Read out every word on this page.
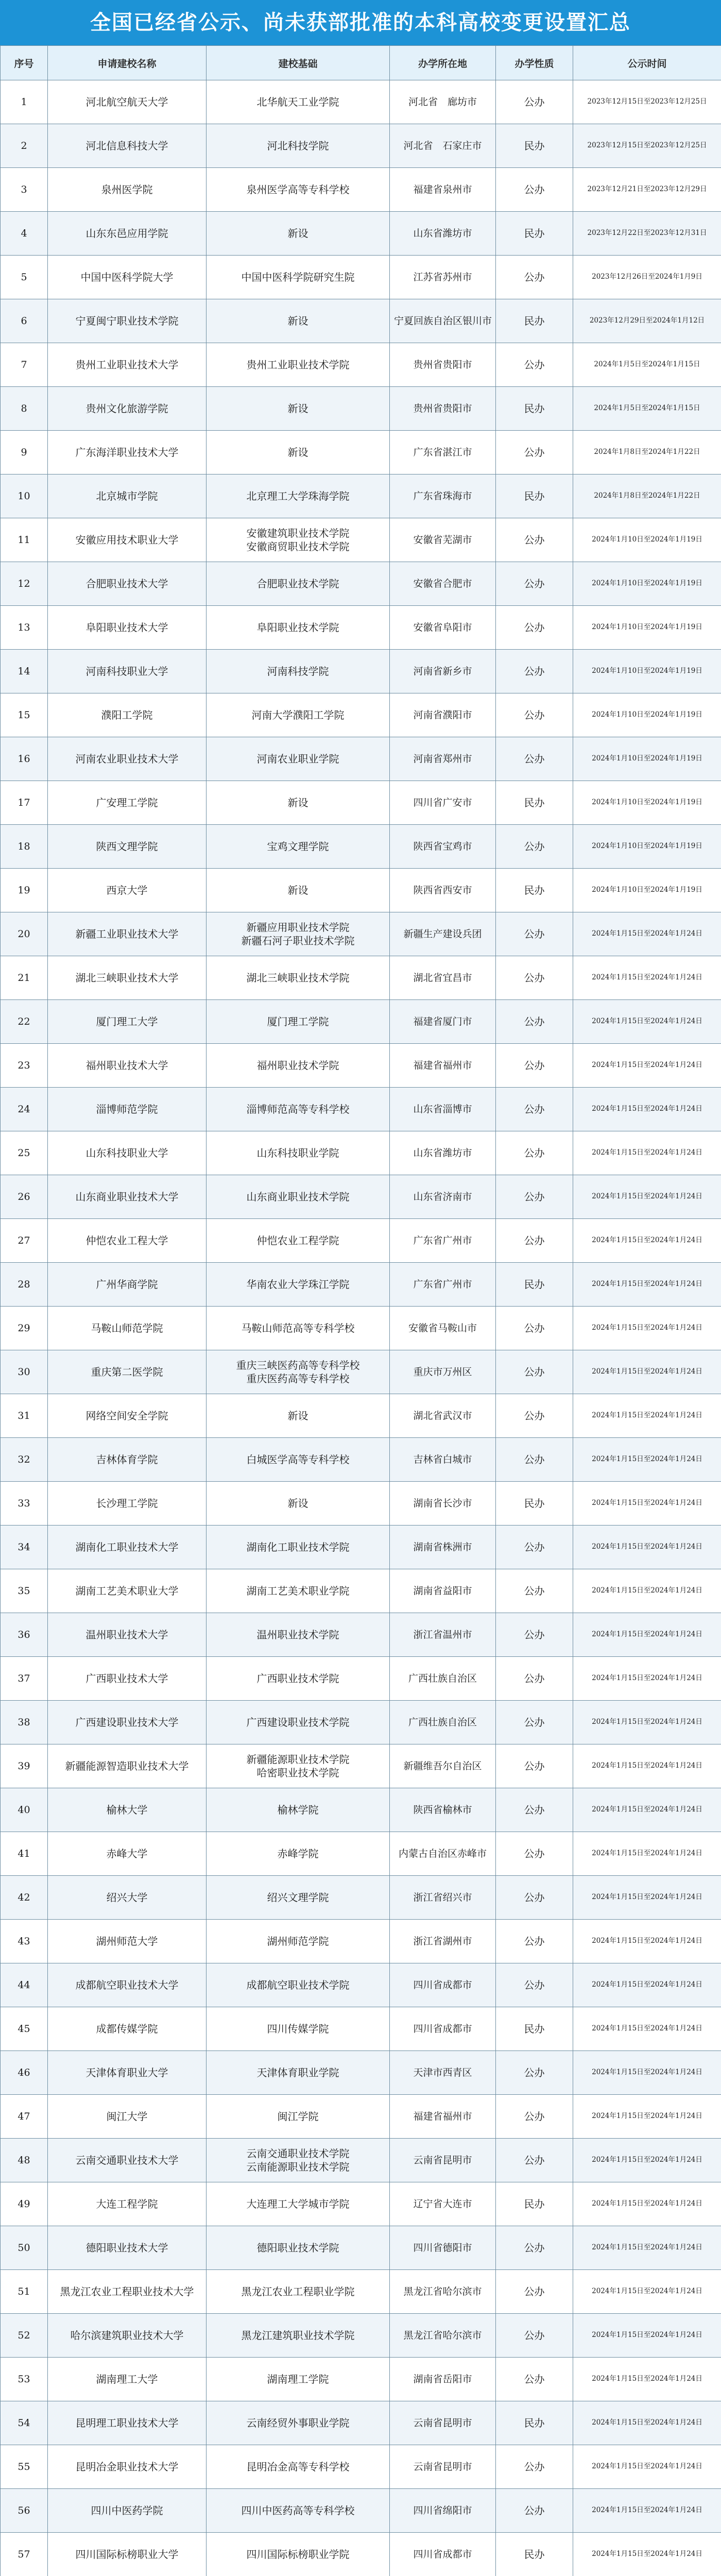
全国已经省公示、尚未获部批准的本科高校变更设置汇总
序号	申请建校名称	建校基础	办学所在地	办学性质	公示时间
1	河北航空航天大学	北华航天工业学院	河北省　廊坊市	公办	2023年12月15日至2023年12月25日
2	河北信息科技大学	河北科技学院	河北省　石家庄市	民办	2023年12月15日至2023年12月25日
3	泉州医学院	泉州医学高等专科学校	福建省泉州市	公办	2023年12月21日至2023年12月29日
4	山东东邑应用学院	新设	山东省潍坊市	民办	2023年12月22日至2023年12月31日
5	中国中医科学院大学	中国中医科学院研究生院	江苏省苏州市	公办	2023年12月26日至2024年1月9日
6	宁夏闽宁职业技术学院	新设	宁夏回族自治区银川市	民办	2023年12月29日至2024年1月12日
7	贵州工业职业技术大学	贵州工业职业技术学院	贵州省贵阳市	公办	2024年1月5日至2024年1月15日
8	贵州文化旅游学院	新设	贵州省贵阳市	民办	2024年1月5日至2024年1月15日
9	广东海洋职业技术大学	新设	广东省湛江市	公办	2024年1月8日至2024年1月22日
10	北京城市学院	北京理工大学珠海学院	广东省珠海市	民办	2024年1月8日至2024年1月22日
11	安徽应用技术职业大学	安徽建筑职业技术学院
安徽商贸职业技术学院	安徽省芜湖市	公办	2024年1月10日至2024年1月19日
12	合肥职业技术大学	合肥职业技术学院	安徽省合肥市	公办	2024年1月10日至2024年1月19日
13	阜阳职业技术大学	阜阳职业技术学院	安徽省阜阳市	公办	2024年1月10日至2024年1月19日
14	河南科技职业大学	河南科技学院	河南省新乡市	公办	2024年1月10日至2024年1月19日
15	濮阳工学院	河南大学濮阳工学院	河南省濮阳市	公办	2024年1月10日至2024年1月19日
16	河南农业职业技术大学	河南农业职业学院	河南省郑州市	公办	2024年1月10日至2024年1月19日
17	广安理工学院	新设	四川省广安市	民办	2024年1月10日至2024年1月19日
18	陕西文理学院	宝鸡文理学院	陕西省宝鸡市	公办	2024年1月10日至2024年1月19日
19	西京大学	新设	陕西省西安市	民办	2024年1月10日至2024年1月19日
20	新疆工业职业技术大学	新疆应用职业技术学院
新疆石河子职业技术学院	新疆生产建设兵团	公办	2024年1月15日至2024年1月24日
21	湖北三峡职业技术大学	湖北三峡职业技术学院	湖北省宜昌市	公办	2024年1月15日至2024年1月24日
22	厦门理工大学	厦门理工学院	福建省厦门市	公办	2024年1月15日至2024年1月24日
23	福州职业技术大学	福州职业技术学院	福建省福州市	公办	2024年1月15日至2024年1月24日
24	淄博师范学院	淄博师范高等专科学校	山东省淄博市	公办	2024年1月15日至2024年1月24日
25	山东科技职业大学	山东科技职业学院	山东省潍坊市	公办	2024年1月15日至2024年1月24日
26	山东商业职业技术大学	山东商业职业技术学院	山东省济南市	公办	2024年1月15日至2024年1月24日
27	仲恺农业工程大学	仲恺农业工程学院	广东省广州市	公办	2024年1月15日至2024年1月24日
28	广州华商学院	华南农业大学珠江学院	广东省广州市	民办	2024年1月15日至2024年1月24日
29	马鞍山师范学院	马鞍山师范高等专科学校	安徽省马鞍山市	公办	2024年1月15日至2024年1月24日
30	重庆第二医学院	重庆三峡医药高等专科学校
重庆医药高等专科学校	重庆市万州区	公办	2024年1月15日至2024年1月24日
31	网络空间安全学院	新设	湖北省武汉市	公办	2024年1月15日至2024年1月24日
32	吉林体育学院	白城医学高等专科学校	吉林省白城市	公办	2024年1月15日至2024年1月24日
33	长沙理工学院	新设	湖南省长沙市	民办	2024年1月15日至2024年1月24日
34	湖南化工职业技术大学	湖南化工职业技术学院	湖南省株洲市	公办	2024年1月15日至2024年1月24日
35	湖南工艺美术职业大学	湖南工艺美术职业学院	湖南省益阳市	公办	2024年1月15日至2024年1月24日
36	温州职业技术大学	温州职业技术学院	浙江省温州市	公办	2024年1月15日至2024年1月24日
37	广西职业技术大学	广西职业技术学院	广西壮族自治区	公办	2024年1月15日至2024年1月24日
38	广西建设职业技术大学	广西建设职业技术学院	广西壮族自治区	公办	2024年1月15日至2024年1月24日
39	新疆能源智造职业技术大学	新疆能源职业技术学院
哈密职业技术学院	新疆维吾尔自治区	公办	2024年1月15日至2024年1月24日
40	榆林大学	榆林学院	陕西省榆林市	公办	2024年1月15日至2024年1月24日
41	赤峰大学	赤峰学院	内蒙古自治区赤峰市	公办	2024年1月15日至2024年1月24日
42	绍兴大学	绍兴文理学院	浙江省绍兴市	公办	2024年1月15日至2024年1月24日
43	湖州师范大学	湖州师范学院	浙江省湖州市	公办	2024年1月15日至2024年1月24日
44	成都航空职业技术大学	成都航空职业技术学院	四川省成都市	公办	2024年1月15日至2024年1月24日
45	成都传媒学院	四川传媒学院	四川省成都市	民办	2024年1月15日至2024年1月24日
46	天津体育职业大学	天津体育职业学院	天津市西青区	公办	2024年1月15日至2024年1月24日
47	闽江大学	闽江学院	福建省福州市	公办	2024年1月15日至2024年1月24日
48	云南交通职业技术大学	云南交通职业技术学院
云南能源职业技术学院	云南省昆明市	公办	2024年1月15日至2024年1月24日
49	大连工程学院	大连理工大学城市学院	辽宁省大连市	民办	2024年1月15日至2024年1月24日
50	德阳职业技术大学	德阳职业技术学院	四川省德阳市	公办	2024年1月15日至2024年1月24日
51	黑龙江农业工程职业技术大学	黑龙江农业工程职业学院	黑龙江省哈尔滨市	公办	2024年1月15日至2024年1月24日
52	哈尔滨建筑职业技术大学	黑龙江建筑职业技术学院	黑龙江省哈尔滨市	公办	2024年1月15日至2024年1月24日
53	湖南理工大学	湖南理工学院	湖南省岳阳市	公办	2024年1月15日至2024年1月24日
54	昆明理工职业技术大学	云南经贸外事职业学院	云南省昆明市	民办	2024年1月15日至2024年1月24日
55	昆明冶金职业技术大学	昆明冶金高等专科学校	云南省昆明市	公办	2024年1月15日至2024年1月24日
56	四川中医药学院	四川中医药高等专科学校	四川省绵阳市	公办	2024年1月15日至2024年1月24日
57	四川国际标榜职业大学	四川国际标榜职业学院	四川省成都市	民办	2024年1月15日至2024年1月24日
